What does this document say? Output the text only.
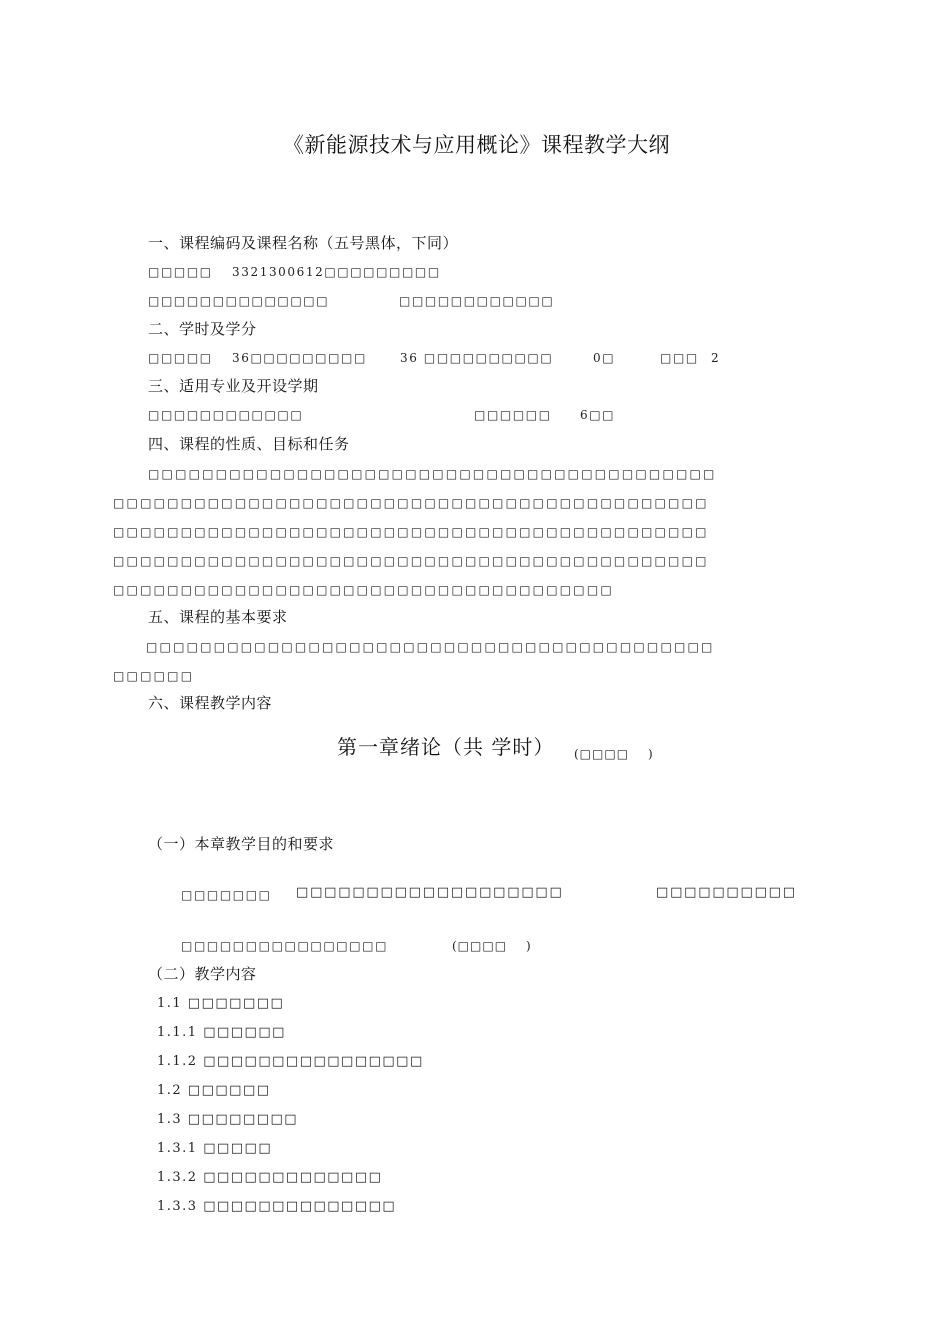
《新能源技术与应用概论》课程教学大纲
一、课程编码及课程名称（五号黑体，下同）
□□□□□ 3321300612□□□□□□□□□
□□□□□□□□□□□□□□	□□□□□□□□□□□□
二、学时及学分
□□□□□ 36□□□□□□□□□	36 □□□□□□□□□□	0□	□□□ 2
三、适用专业及开设学期
□□□□□□□□□□□□	□□□□□□ 6□□
四、课程的性质、目标和任务
□□□□□□□□□□□□□□□□□□□□□□□□□□□□□□□□□□□□□□□□□□
□□□□□□□□□□□□□□□□□□□□□□□□□□□□□□□□□□□□□□□□□□□□
□□□□□□□□□□□□□□□□□□□□□□□□□□□□□□□□□□□□□□□□□□□□
□□□□□□□□□□□□□□□□□□□□□□□□□□□□□□□□□□□□□□□□□□□□
□□□□□□□□□□□□□□□□□□□□□□□□□□□□□□□□□□□□□
五、课程的基本要求
□□□□□□□□□□□□□□□□□□□□□□□□□□□□□□□□□□□□□□□□□□
□□□□□□
六、课程教学内容
第一章绪论（共 学时） (□□□□ )
（一）本章教学目的和要求
□□□□□□□ □□□□□□□□□□□□□□□□□□□	□□□□□□□□□□
□□□□□□□□□□□□□□□□	(□□□□ )
（二）教学内容
1.1 □□□□□□□
1.1.1 □□□□□□
1.1.2 □□□□□□□□□□□□□□□□
1.2 □□□□□□
1.3 □□□□□□□□
1.3.1 □□□□□
1.3.2 □□□□□□□□□□□□□
1.3.3 □□□□□□□□□□□□□□
